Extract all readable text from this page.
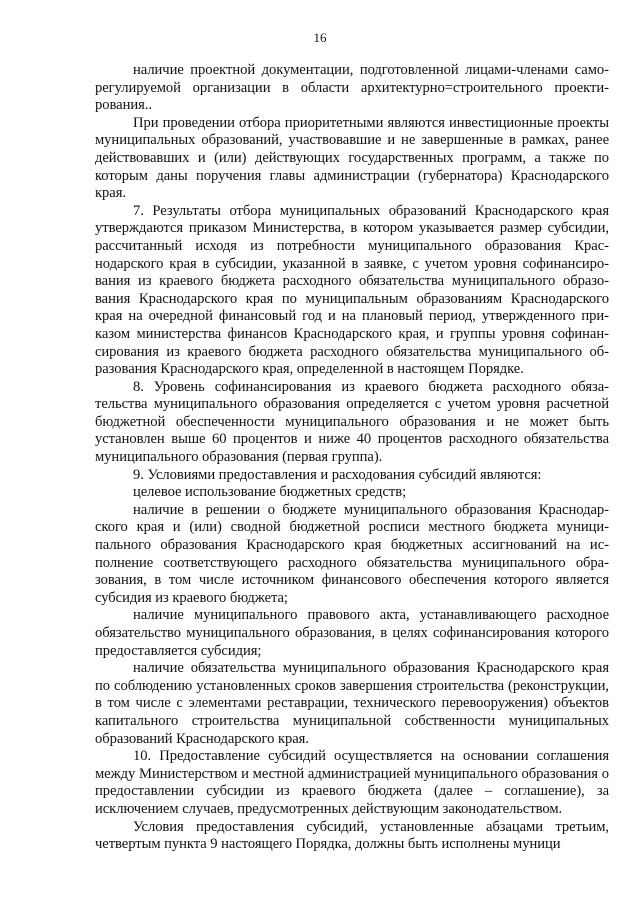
16

наличие проектной документации, подготовленной лицами-членами саморегулируемой организации в области архитектурно=строительного проектирования..

При проведении отбора приоритетными являются инвестиционные проекты муниципальных образований, участвовавшие и не завершенные в рамках, ранее действовавших и (или) действующих государственных программ, а также по которым даны поручения главы администрации (губернатора) Краснодарского края.

7. Результаты отбора муниципальных образований Краснодарского края утверждаются приказом Министерства, в котором указывается размер субсидии, рассчитанный исходя из потребности муниципального образования Краснодарского края в субсидии, указанной в заявке, с учетом уровня софинансирования из краевого бюджета расходного обязательства муниципального образования Краснодарского края по муниципальным образованиям Краснодарского края на очередной финансовый год и на плановый период, утвержденного приказом министерства финансов Краснодарского края, и группы уровня софинансирования из краевого бюджета расходного обязательства муниципального образования Краснодарского края, определенной в настоящем Порядке.

8. Уровень софинансирования из краевого бюджета расходного обязательства муниципального образования определяется с учетом уровня расчетной бюджетной обеспеченности муниципального образования и не может быть установлен выше 60 процентов и ниже 40 процентов расходного обязательства муниципального образования (первая группа).

9. Условиями предоставления и расходования субсидий являются:

целевое использование бюджетных средств;

наличие в решении о бюджете муниципального образования Краснодарского края и (или) сводной бюджетной росписи местного бюджета муниципального образования Краснодарского края бюджетных ассигнований на исполнение соответствующего расходного обязательства муниципального образования, в том числе источником финансового обеспечения которого является субсидия из краевого бюджета;

наличие муниципального правового акта, устанавливающего расходное обязательство муниципального образования, в целях софинансирования которого предоставляется субсидия;

наличие обязательства муниципального образования Краснодарского края по соблюдению установленных сроков завершения строительства (реконструкции, в том числе с элементами реставрации, технического перевооружения) объектов капитального строительства муниципальной собственности муниципальных образований Краснодарского края.

10. Предоставление субсидий осуществляется на основании соглашения между Министерством и местной администрацией муниципального образования о предоставлении субсидии из краевого бюджета (далее – соглашение), за исключением случаев, предусмотренных действующим законодательством.

Условия предоставления субсидий, установленные абзацами третьим, четвертым пункта 9 настоящего Порядка, должны быть исполнены муници
